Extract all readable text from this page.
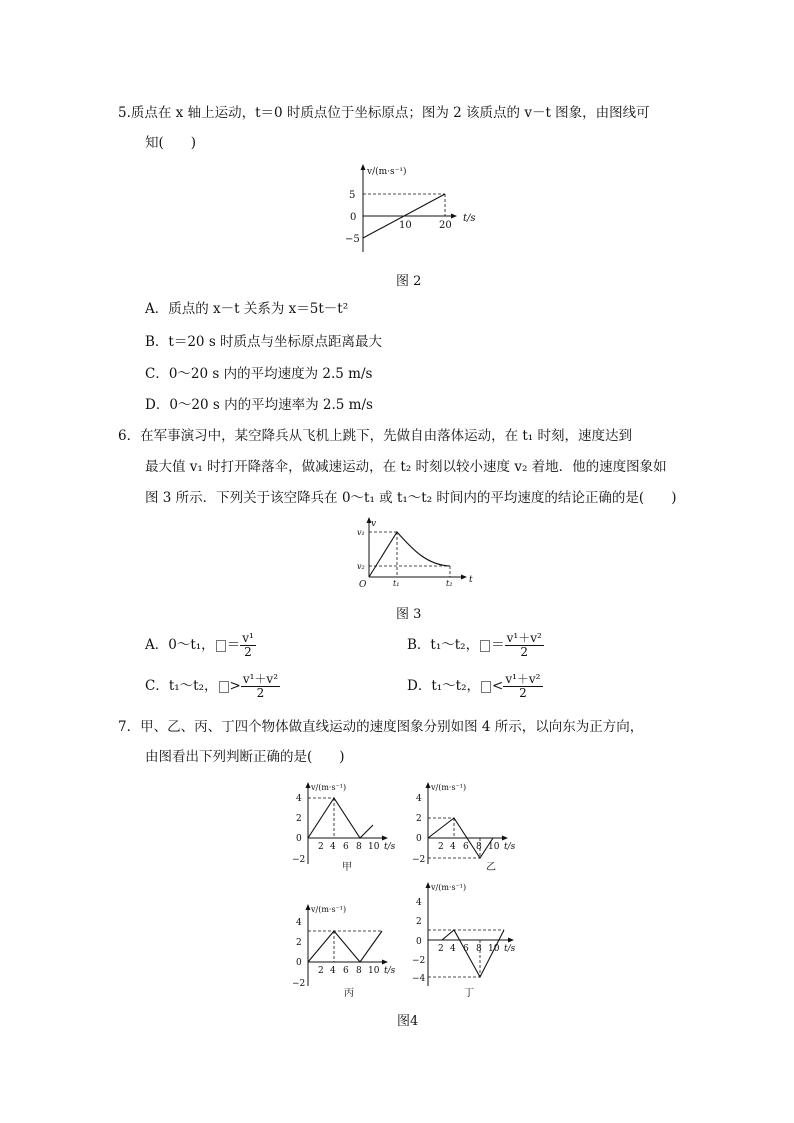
5.质点在 x 轴上运动，t＝0 时质点位于坐标原点；图为 2 该质点的 v－t 图象，由图线可
知(　　)
v/(m·s⁻¹)
t/s
5
0
−5
10	20
图 2
A．质点的 x－t 关系为 x＝5t－t²
B．t＝20 s 时质点与坐标原点距离最大
C．0～20 s 内的平均速度为 2.5 m/s
D．0～20 s 内的平均速率为 2.5 m/s
6．在军事演习中，某空降兵从飞机上跳下，先做自由落体运动，在 t₁ 时刻，速度达到
最大值 v₁ 时打开降落伞，做减速运动，在 t₂ 时刻以较小速度 v₂ 着地．他的速度图象如
图 3 所示．下列关于该空降兵在 0～t₁ 或 t₁～t₂ 时间内的平均速度的结论正确的是(　　)
v
v₁
v₂
O	t₁	t₂ t
图 3
A．0～t₁， ＝ $\frac{\text{v¹}}{2}$	B．t₁～t₂， ＝ $\frac{\text{v¹＋v²}}{2}$
C．t₁～t₂， > $\frac{\text{v¹＋v²}}{2}$	D．t₁～t₂， < $\frac{\text{v¹＋v²}}{2}$
7．甲、乙、丙、丁四个物体做直线运动的速度图象分别如图 4 所示，以向东为正方向，
由图看出下列判断正确的是(　　)
v/(m·s⁻¹)
4
2
0
−2
2 4 6 8 10 t/s
甲
v/(m·s⁻¹)
4
2
0
−2
2 4 6 8 10 t/s
乙
v/(m·s⁻¹)
4
2
0
−2
2 4 6 8 10 t/s
丙
v/(m·s⁻¹)
4
2
0
−2
−4
2 4 6 8 10 t/s
丁
图4
